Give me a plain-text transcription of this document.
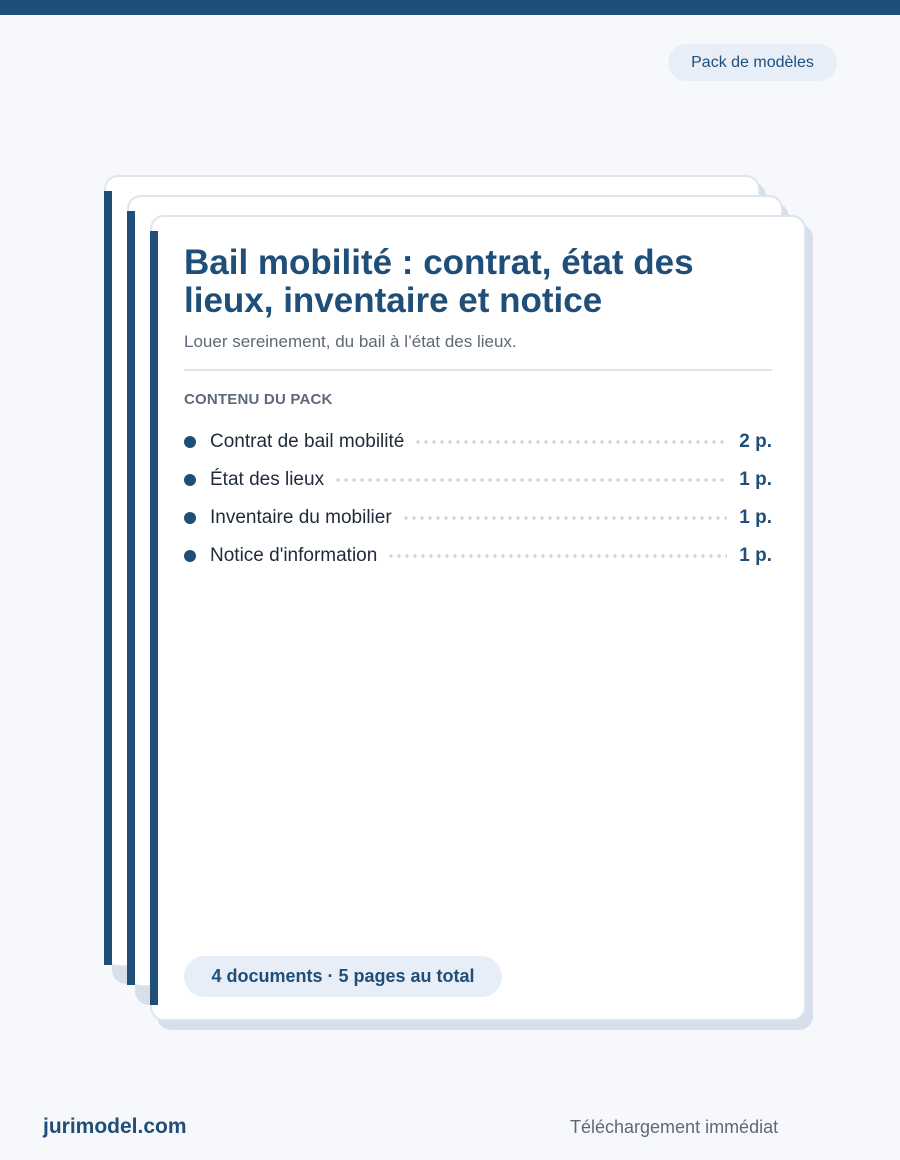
Pack de modèles
Bail mobilité : contrat, état des lieux, inventaire et notice

Louer sereinement, du bail à l’état des lieux.

CONTENU DU PACK
Contrat de bail mobilité	2 p.
État des lieux	1 p.
Inventaire du mobilier	1 p.
Notice d'information	1 p.
4 documents · 5 pages au total
jurimodel.com	Téléchargement immédiat
